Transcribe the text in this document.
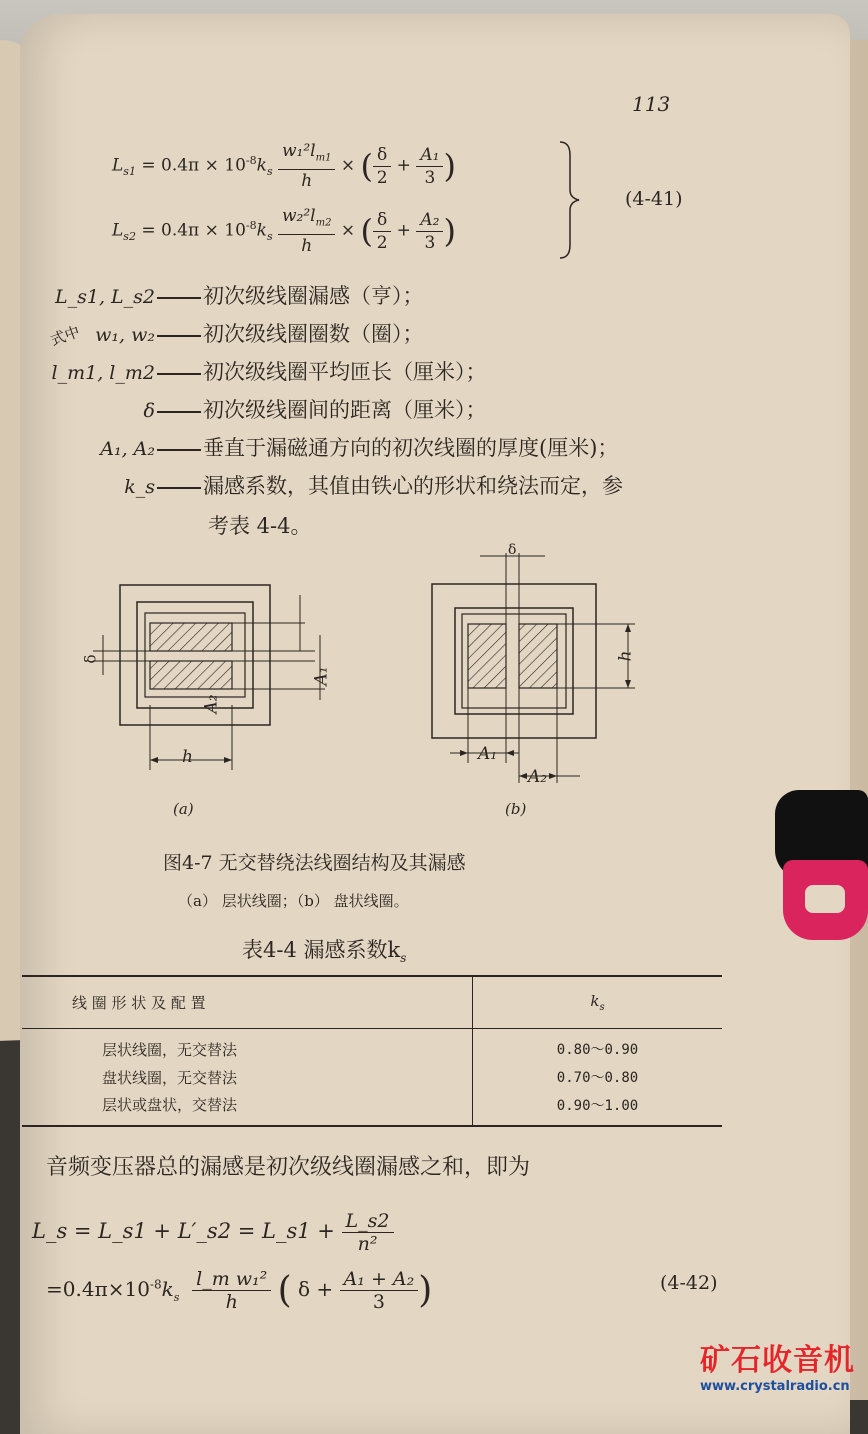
113
$L_{s1} = 0.4\pi \times 10^{-8}k_s \frac{w_1^2l_{m1}}{h}$ × ( $\frac{\delta}{2} + \frac{\text{A₁}}{3}$ )
$L_{s2} = 0.4\pi \times 10^{-8}k_s \frac{w_2^2l_{m2}}{h}$ × ( $\frac{\delta}{2} + \frac{\text{A₂}}{3}$ )
(4-41)
式中
L_s1, L_s2 初次级线圈漏感（亨）；
w₁, w₂ 初次级线圈圈数（圈）；
l_m1, l_m2 初次级线圈平均匝长（厘米）；
δ 初次级线圈间的距离（厘米）；
A₁, A₂ 垂直于漏磁通方向的初次线圈的厚度(厘米)；
k_s 漏感系数，其值由铁心的形状和绕法而定，参
考表 4-4。
A₂
A₁
δ
h
(a)
δ
h
A₁
A₂
(b)
图4-7 无交替绕法线圈结构及其漏感
（a） 层状线圈；（b） 盘状线圈。
表4-4 漏感系数$k_s$
线 圈 形 状 及 配 置	$k_s$
层状线圈，无交替法	0.80～0.90
盘状线圈，无交替法	0.70～0.80
层状或盘状，交替法	0.90～1.00
音频变压器总的漏感是初次级线圈漏感之和，即为
L_s = L_s1 + L′_s2 = L_s1 + $\frac{L\_s2}{\text{n²}}$
$=0.4\pi\times 10^{-8}k_s \frac{\text{l\_m w₁²}}{h}$ ( $\delta + \frac{\text{A₁ + A₂}}{3}$ )	(4-42)
矿石收音机
www.crystalradio.cn
